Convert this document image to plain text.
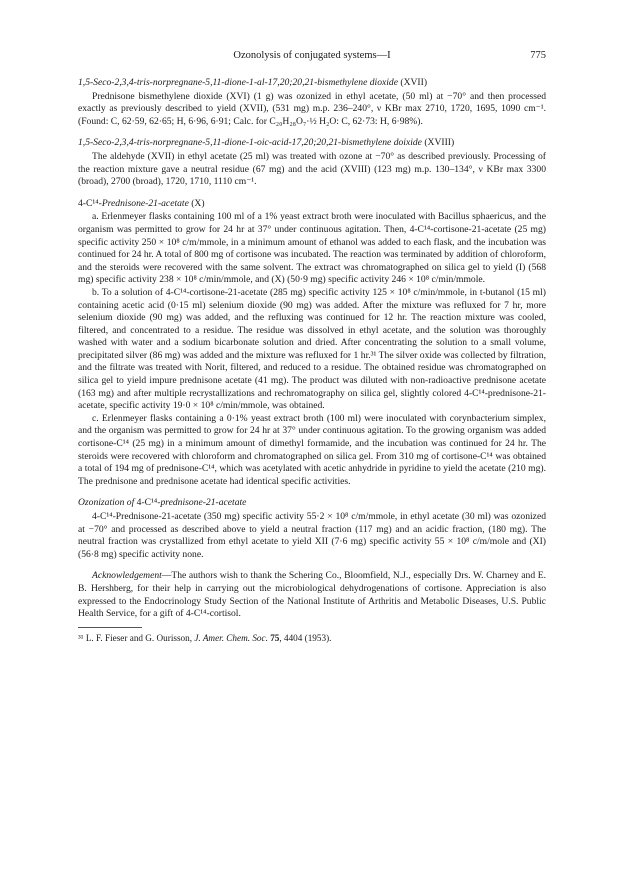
Ozonolysis of conjugated systems—I	775
1,5-Seco-2,3,4-tris-norpregnane-5,11-dione-1-al-17,20;20,21-bismethylene dioxide (XVII)

Prednisone bismethylene dioxide (XVI) (1 g) was ozonized in ethyl acetate, (50 ml) at −70° and then processed exactly as previously described to yield (XVII), (531 mg) m.p. 236–240°, ν KBr max 2710, 1720, 1695, 1090 cm⁻¹. (Found: C, 62·59, 62·65; H, 6·96, 6·91; Calc. for C₂₀H₂₈O₇·½ H₂O: C, 62·73: H, 6·98%).

1,5-Seco-2,3,4-tris-norpregnane-5,11-dione-1-oic-acid-17,20;20,21-bismethylene doixide (XVIII)

The aldehyde (XVII) in ethyl acetate (25 ml) was treated with ozone at −70° as described previously. Processing of the reaction mixture gave a neutral residue (67 mg) and the acid (XVIII) (123 mg) m.p. 130–134°, ν KBr max 3300 (broad), 2700 (broad), 1720, 1710, 1110 cm⁻¹.

4-C¹⁴-Prednisone-21-acetate (X)

a. Erlenmeyer flasks containing 100 ml of a 1% yeast extract broth were inoculated with Bacillus sphaericus, and the organism was permitted to grow for 24 hr at 37° under continuous agitation. Then, 4-C¹⁴-cortisone-21-acetate (25 mg) specific activity 250 × 10⁸ c/m/mmole, in a minimum amount of ethanol was added to each flask, and the incubation was continued for 24 hr. A total of 800 mg of cortisone was incubated. The reaction was terminated by addition of chloroform, and the steroids were recovered with the same solvent. The extract was chromatographed on silica gel to yield (I) (568 mg) specific activity 238 × 10⁸ c/min/mmole, and (X) (50·9 mg) specific activity 246 × 10⁸ c/min/mmole.

b. To a solution of 4-C¹⁴-cortisone-21-acetate (285 mg) specific activity 125 × 10⁸ c/min/mmole, in t-butanol (15 ml) containing acetic acid (0·15 ml) selenium dioxide (90 mg) was added. After the mixture was refluxed for 7 hr, more selenium dioxide (90 mg) was added, and the refluxing was continued for 12 hr. The reaction mixture was cooled, filtered, and concentrated to a residue. The residue was dissolved in ethyl acetate, and the solution was thoroughly washed with water and a sodium bicarbonate solution and dried. After concentrating the solution to a small volume, precipitated silver (86 mg) was added and the mixture was refluxed for 1 hr.³¹ The silver oxide was collected by filtration, and the filtrate was treated with Norit, filtered, and reduced to a residue. The obtained residue was chromatographed on silica gel to yield impure prednisone acetate (41 mg). The product was diluted with non-radioactive prednisone acetate (163 mg) and after multiple recrystallizations and rechromatography on silica gel, slightly colored 4-C¹⁴-prednisone-21-acetate, specific activity 19·0 × 10⁸ c/min/mmole, was obtained.

c. Erlenmeyer flasks containing a 0·1% yeast extract broth (100 ml) were inoculated with corynbacterium simplex, and the organism was permitted to grow for 24 hr at 37° under continuous agitation. To the growing organism was added cortisone-C¹⁴ (25 mg) in a minimum amount of dimethyl formamide, and the incubation was continued for 24 hr. The steroids were recovered with chloroform and chromatographed on silica gel. From 310 mg of cortisone-C¹⁴ was obtained a total of 194 mg of prednisone-C¹⁴, which was acetylated with acetic anhydride in pyridine to yield the acetate (210 mg). The prednisone and prednisone acetate had identical specific activities.

Ozonization of 4-C¹⁴-prednisone-21-acetate

4-C¹⁴-Prednisone-21-acetate (350 mg) specific activity 55·2 × 10⁸ c/m/mmole, in ethyl acetate (30 ml) was ozonized at −70° and processed as described above to yield a neutral fraction (117 mg) and an acidic fraction, (180 mg). The neutral fraction was crystallized from ethyl acetate to yield XII (7·6 mg) specific activity 55 × 10⁸ c/m/mole and (XI) (56·8 mg) specific activity none.

Acknowledgement—The authors wish to thank the Schering Co., Bloomfield, N.J., especially Drs. W. Charney and E. B. Hershberg, for their help in carrying out the microbiological dehydrogenations of cortisone. Appreciation is also expressed to the Endocrinology Study Section of the National Institute of Arthritis and Metabolic Diseases, U.S. Public Health Service, for a gift of 4-C¹⁴-cortisol.

³¹ L. F. Fieser and G. Ourisson, J. Amer. Chem. Soc. 75, 4404 (1953).
